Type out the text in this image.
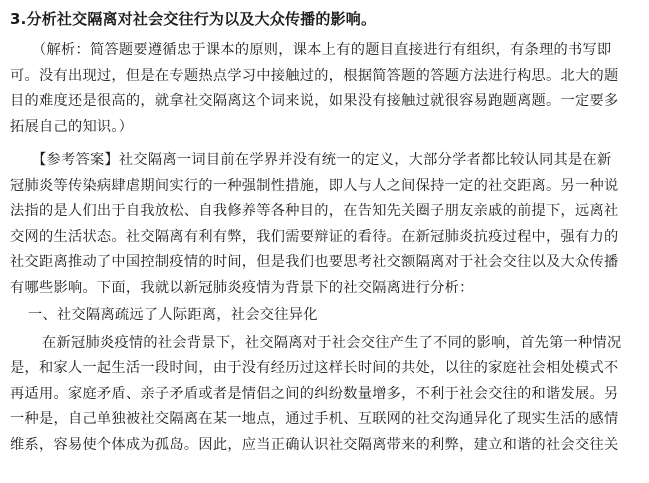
3.分析社交隔离对社会交往行为以及大众传播的影响。

（解析：简答题要遵循忠于课本的原则，课本上有的题目直接进行有组织，有条理的书写即
可。没有出现过，但是在专题热点学习中接触过的，根据简答题的答题方法进行构思。北大的题
目的难度还是很高的，就拿社交隔离这个词来说，如果没有接触过就很容易跑题离题。一定要多
拓展自己的知识。）

【参考答案】社交隔离一词目前在学界并没有统一的定义，大部分学者都比较认同其是在新
冠肺炎等传染病肆虐期间实行的一种强制性措施，即人与人之间保持一定的社交距离。另一种说
法指的是人们出于自我放松、自我修养等各种目的，在告知先关圈子朋友亲戚的前提下，远离社
交网的生活状态。社交隔离有利有弊，我们需要辩证的看待。在新冠肺炎抗疫过程中，强有力的
社交距离推动了中国控制疫情的时间，但是我们也要思考社交额隔离对于社会交往以及大众传播
有哪些影响。下面，我就以新冠肺炎疫情为背景下的社交隔离进行分析：

一、社交隔离疏远了人际距离，社会交往异化

在新冠肺炎疫情的社会背景下，社交隔离对于社会交往产生了不同的影响，首先第一种情况
是，和家人一起生活一段时间，由于没有经历过这样长时间的共处，以往的家庭社会相处模式不
再适用。家庭矛盾、亲子矛盾或者是情侣之间的纠纷数量增多，不利于社会交往的和谐发展。另
一种是，自己单独被社交隔离在某一地点，通过手机、互联网的社交沟通异化了现实生活的感情
维系，容易使个体成为孤岛。因此，应当正确认识社交隔离带来的利弊，建立和谐的社会交往关
